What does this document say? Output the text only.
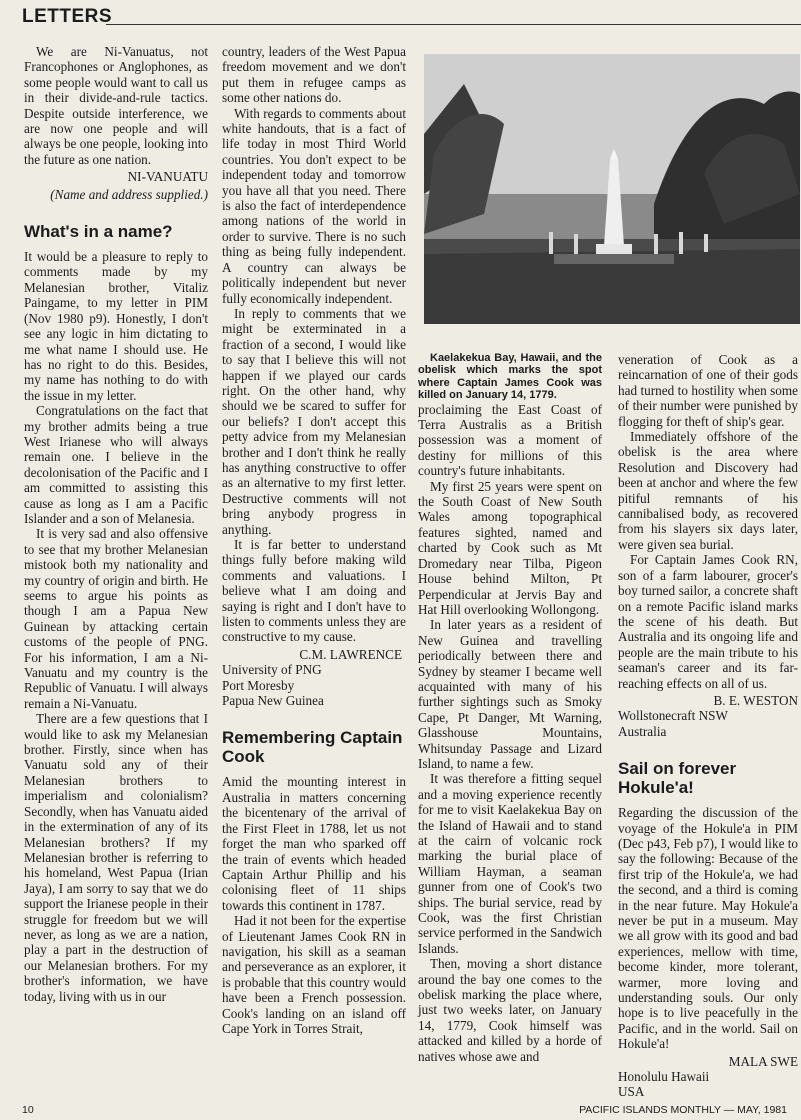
LETTERS

We are Ni-Vanuatus, not Francophones or Anglophones, as some people would want to call us in their divide-and-rule tactics. Despite outside interference, we are now one people and will always be one people, looking into the future as one nation.

NI-VANUATU

(Name and address supplied.)

What's in a name?

It would be a pleasure to reply to comments made by my Melanesian brother, Vitaliz Paingame, to my letter in PIM (Nov 1980 p9). Honestly, I don't see any logic in him dictating to me what name I should use. He has no right to do this. Besides, my name has nothing to do with the issue in my letter.

Congratulations on the fact that my brother admits being a true West Irianese who will always remain one. I believe in the decolonisation of the Pacific and I am committed to assisting this cause as long as I am a Pacific Islander and a son of Melanesia.

It is very sad and also offensive to see that my brother Melanesian mistook both my nationality and my country of origin and birth. He seems to argue his points as though I am a Papua New Guinean by attacking certain customs of the people of PNG. For his information, I am a Ni-Vanuatu and my country is the Republic of Vanuatu. I will always remain a Ni-Vanuatu.

There are a few questions that I would like to ask my Melanesian brother. Firstly, since when has Vanuatu sold any of their Melanesian brothers to imperialism and colonialism? Secondly, when has Vanuatu aided in the extermination of any of its Melanesian brothers? If my Melanesian brother is referring to his homeland, West Papua (Irian Jaya), I am sorry to say that we do support the Irianese people in their struggle for freedom but we will never, as long as we are a nation, play a part in the destruction of our Melanesian brothers. For my brother's information, we have today, living with us in our

country, leaders of the West Papua freedom movement and we don't put them in refugee camps as some other nations do.

With regards to comments about white handouts, that is a fact of life today in most Third World countries. You don't expect to be independent today and tomorrow you have all that you need. There is also the fact of interdependence among nations of the world in order to survive. There is no such thing as being fully independent. A country can always be politically independent but never fully economically independent.

In reply to comments that we might be exterminated in a fraction of a second, I would like to say that I believe this will not happen if we played our cards right. On the other hand, why should we be scared to suffer for our beliefs? I don't accept this petty advice from my Melanesian brother and I don't think he really has anything constructive to offer as an alternative to my first letter. Destructive comments will not bring anybody progress in anything.

It is far better to understand things fully before making wild comments and valuations. I believe what I am doing and saying is right and I don't have to listen to comments unless they are constructive to my cause.

C.M. LAWRENCE

University of PNG

Port Moresby

Papua New Guinea

Remembering Captain Cook

Amid the mounting interest in Australia in matters concerning the bicentenary of the arrival of the First Fleet in 1788, let us not forget the man who sparked off the train of events which headed Captain Arthur Phillip and his colonising fleet of 11 ships towards this continent in 1787.

Had it not been for the expertise of Lieutenant James Cook RN in navigation, his skill as a seaman and perseverance as an explorer, it is probable that this country would have been a French possession. Cook's landing on an island off Cape York in Torres Strait,

Kaelakekua Bay, Hawaii, and the obelisk which marks the spot where Captain James Cook was killed on January 14, 1779.

proclaiming the East Coast of Terra Australis as a British possession was a moment of destiny for millions of this country's future inhabitants.

My first 25 years were spent on the South Coast of New South Wales among topographical features sighted, named and charted by Cook such as Mt Dromedary near Tilba, Pigeon House behind Milton, Pt Perpendicular at Jervis Bay and Hat Hill overlooking Wollongong.

In later years as a resident of New Guinea and travelling periodically between there and Sydney by steamer I became well acquainted with many of his further sightings such as Smoky Cape, Pt Danger, Mt Warning, Glasshouse Mountains, Whitsunday Passage and Lizard Island, to name a few.

It was therefore a fitting sequel and a moving experience recently for me to visit Kaelakekua Bay on the Island of Hawaii and to stand at the cairn of volcanic rock marking the burial place of William Hayman, a seaman gunner from one of Cook's two ships. The burial service, read by Cook, was the first Christian service performed in the Sandwich Islands.

Then, moving a short distance around the bay one comes to the obelisk marking the place where, just two weeks later, on January 14, 1779, Cook himself was attacked and killed by a horde of natives whose awe and

veneration of Cook as a reincarnation of one of their gods had turned to hostility when some of their number were punished by flogging for theft of ship's gear.

Immediately offshore of the obelisk is the area where Resolution and Discovery had been at anchor and where the few pitiful remnants of his cannibalised body, as recovered from his slayers six days later, were given sea burial.

For Captain James Cook RN, son of a farm labourer, grocer's boy turned sailor, a concrete shaft on a remote Pacific island marks the scene of his death. But Australia and its ongoing life and people are the main tribute to his seaman's career and its far-reaching effects on all of us.

B. E. WESTON

Wollstonecraft NSW

Australia

Sail on forever Hokule'a!

Regarding the discussion of the voyage of the Hokule'a in PIM (Dec p43, Feb p7), I would like to say the following: Because of the first trip of the Hokule'a, we had the second, and a third is coming in the near future. May Hokule'a never be put in a museum. May we all grow with its good and bad experiences, mellow with time, become kinder, more tolerant, warmer, more loving and understanding souls. Our only hope is to live peacefully in the Pacific, and in the world. Sail on Hokule'a!

MALA SWE

Honolulu Hawaii

USA

10	PACIFIC ISLANDS MONTHLY — MAY, 1981
